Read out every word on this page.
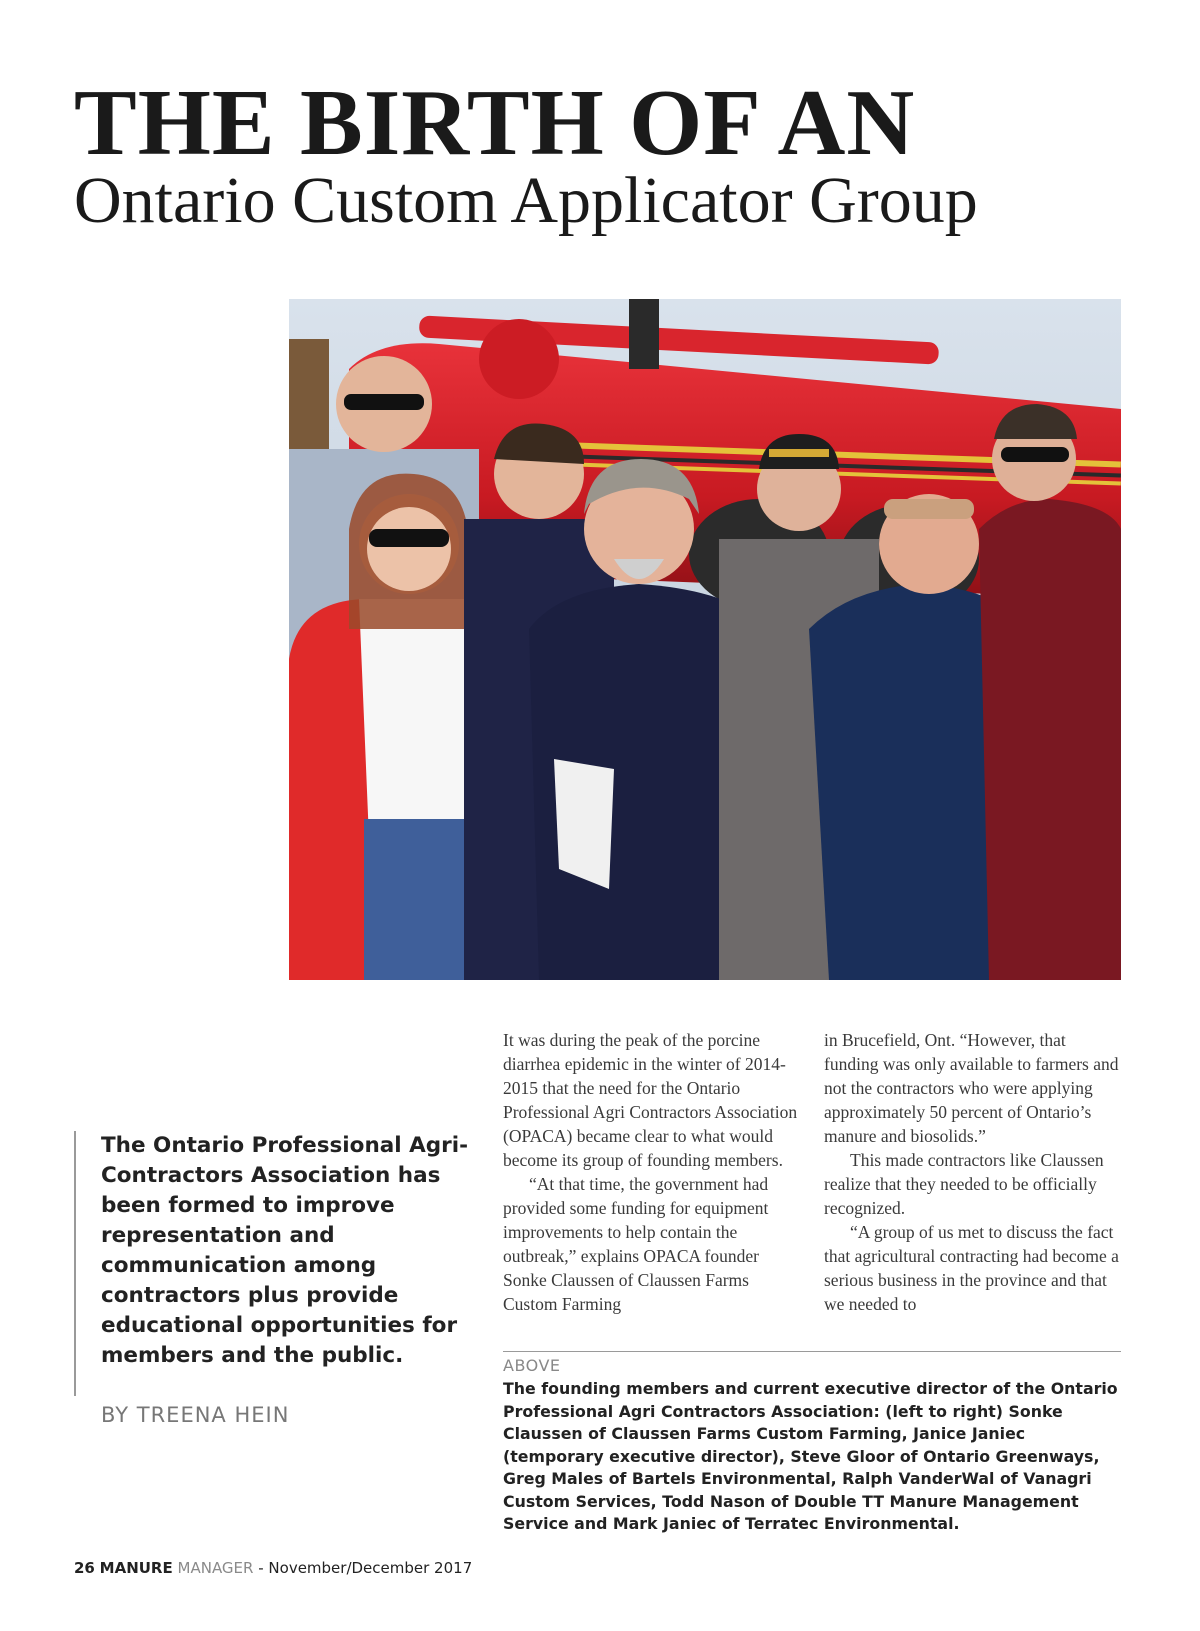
THE BIRTH OF AN
Ontario Custom Applicator Group
The Ontario Professional Agri-Contractors Association has been formed to improve representation and communication among contractors plus provide educational opportunities for members and the public.
BY TREENA HEIN

It was during the peak of the porcine diarrhea epidemic in the winter of 2014-2015 that the need for the Ontario Professional Agri Contractors Association (OPACA) became clear to what would become its group of founding members.

“At that time, the government had provided some funding for equipment improvements to help contain the outbreak,” explains OPACA founder Sonke Claussen of Claussen Farms Custom Farming

in Brucefield, Ont. “However, that funding was only available to farmers and not the contractors who were applying approximately 50 percent of Ontario’s manure and biosolids.”

This made contractors like Claussen realize that they needed to be officially recognized.

“A group of us met to discuss the fact that agricultural contracting had become a serious business in the province and that we needed to

ABOVE
The founding members and current executive director of the Ontario Professional Agri Contractors Association: (left to right) Sonke Claussen of Claussen Farms Custom Farming, Janice Janiec (temporary executive director), Steve Gloor of Ontario Greenways, Greg Males of Bartels Environmental, Ralph VanderWal of Vanagri Custom Services, Todd Nason of Double TT Manure Management Service and Mark Janiec of Terratec Environmental.
26 MANURE MANAGER - November/December 2017
